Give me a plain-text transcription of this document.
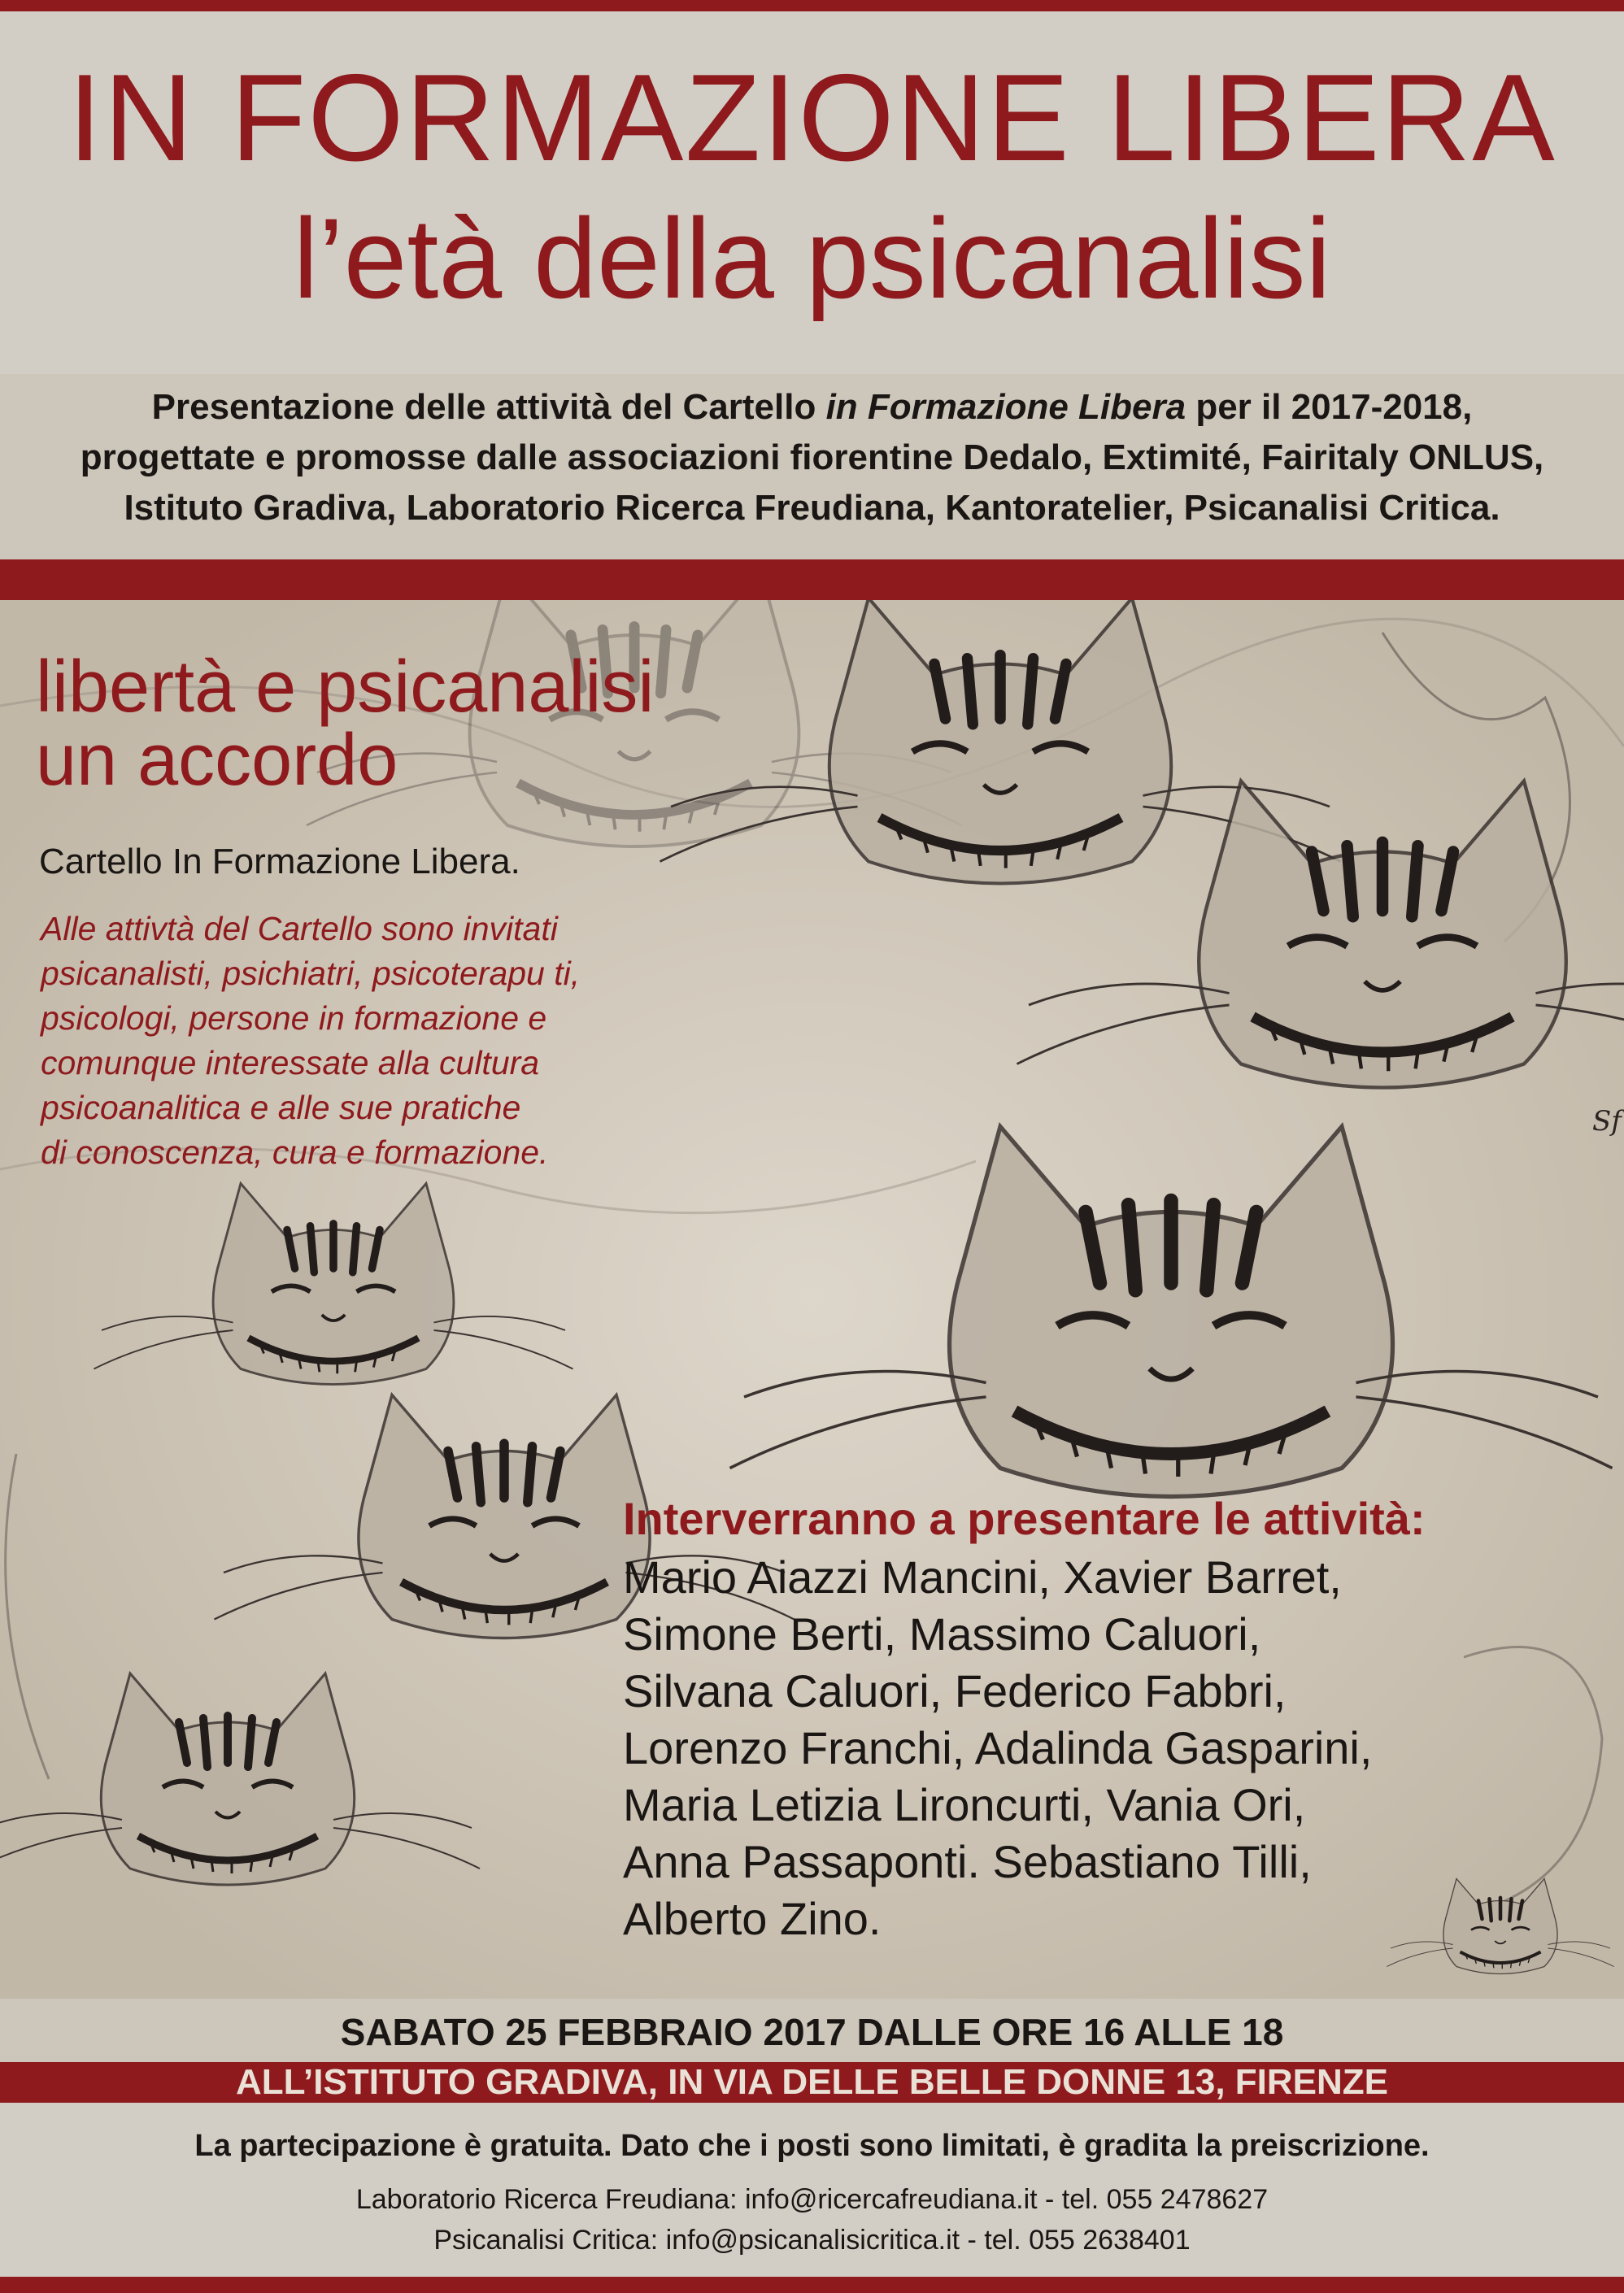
IN FORMAZIONE LIBERA
l’età della psicanalisi
Presentazione delle attività del Cartello in Formazione Libera per il 2017-2018,
progettate e promosse dalle associazioni fiorentine Dedalo, Extimité, Fairitaly ONLUS,
Istituto Gradiva, Laboratorio Ricerca Freudiana, Kantoratelier, Psicanalisi Critica.
Sf
libertà e psicanalisi
un accordo
Cartello In Formazione Libera.
Alle attivtà del Cartello sono invitati
psicanalisti, psichiatri, psicoterapu ti,
psicologi, persone in formazione e
comunque interessate alla cultura
psicoanalitica e alle sue pratiche
di conoscenza, cura e formazione.
Interverranno a presentare le attività:
Mario Aiazzi Mancini, Xavier Barret,
Simone Berti, Massimo Caluori,
Silvana Caluori, Federico Fabbri,
Lorenzo Franchi, Adalinda Gasparini,
Maria Letizia Lironcurti, Vania Ori,
Anna Passaponti. Sebastiano Tilli,
Alberto Zino.
SABATO 25 FEBBRAIO 2017 DALLE ORE 16 ALLE 18
ALL’ISTITUTO GRADIVA, IN VIA DELLE BELLE DONNE 13, FIRENZE
La partecipazione è gratuita. Dato che i posti sono limitati, è gradita la preiscrizione.
Laboratorio Ricerca Freudiana: info@ricercafreudiana.it - tel. 055 2478627
Psicanalisi Critica: info@psicanalisicritica.it - tel. 055 2638401
